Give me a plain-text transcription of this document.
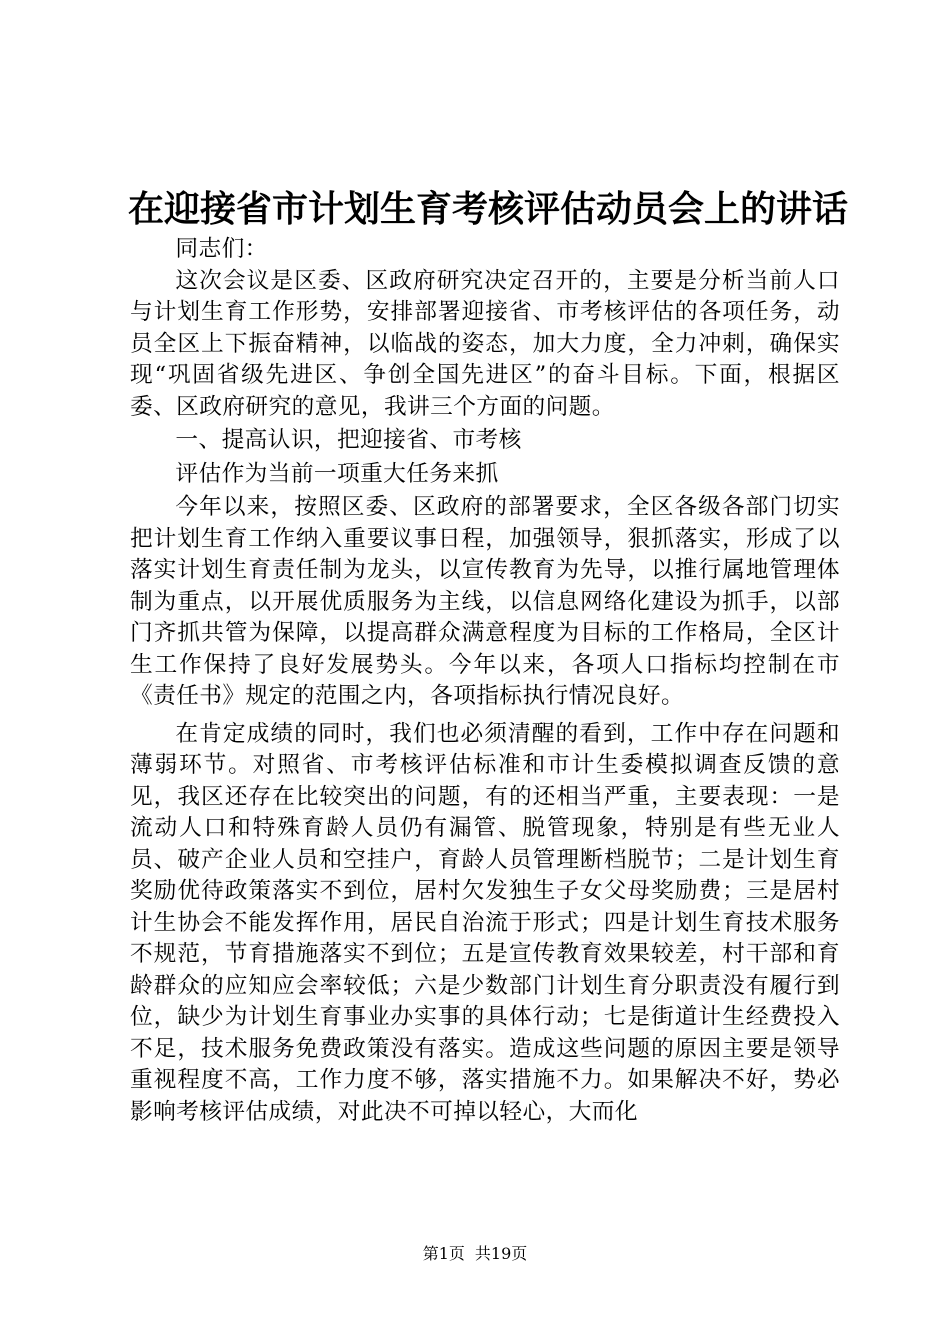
在迎接省市计划生育考核评估动员会上的讲话

同志们：

这次会议是区委、区政府研究决定召开的，主要是分析当前人口与计划生育工作形势，安排部署迎接省、市考核评估的各项任务，动员全区上下振奋精神，以临战的姿态，加大力度，全力冲刺，确保实现“巩固省级先进区、争创全国先进区”的奋斗目标。下面，根据区委、区政府研究的意见，我讲三个方面的问题。

一、提高认识，把迎接省、市考核

评估作为当前一项重大任务来抓

今年以来，按照区委、区政府的部署要求，全区各级各部门切实把计划生育工作纳入重要议事日程，加强领导，狠抓落实，形成了以落实计划生育责任制为龙头，以宣传教育为先导，以推行属地管理体制为重点，以开展优质服务为主线，以信息网络化建设为抓手，以部门齐抓共管为保障，以提高群众满意程度为目标的工作格局，全区计生工作保持了良好发展势头。今年以来，各项人口指标均控制在市《责任书》规定的范围之内，各项指标执行情况良好。

在肯定成绩的同时，我们也必须清醒的看到，工作中存在问题和薄弱环节。对照省、市考核评估标准和市计生委模拟调查反馈的意见，我区还存在比较突出的问题，有的还相当严重，主要表现：一是流动人口和特殊育龄人员仍有漏管、脱管现象，特别是有些无业人员、破产企业人员和空挂户，育龄人员管理断档脱节；二是计划生育奖励优待政策落实不到位，居村欠发独生子女父母奖励费；三是居村计生协会不能发挥作用，居民自治流于形式；四是计划生育技术服务不规范，节育措施落实不到位；五是宣传教育效果较差，村干部和育龄群众的应知应会率较低；六是少数部门计划生育分职责没有履行到位，缺少为计划生育事业办实事的具体行动；七是街道计生经费投入不足，技术服务免费政策没有落实。造成这些问题的原因主要是领导重视程度不高，工作力度不够，落实措施不力。如果解决不好，势必影响考核评估成绩，对此决不可掉以轻心，大而化

第1页 共19页
